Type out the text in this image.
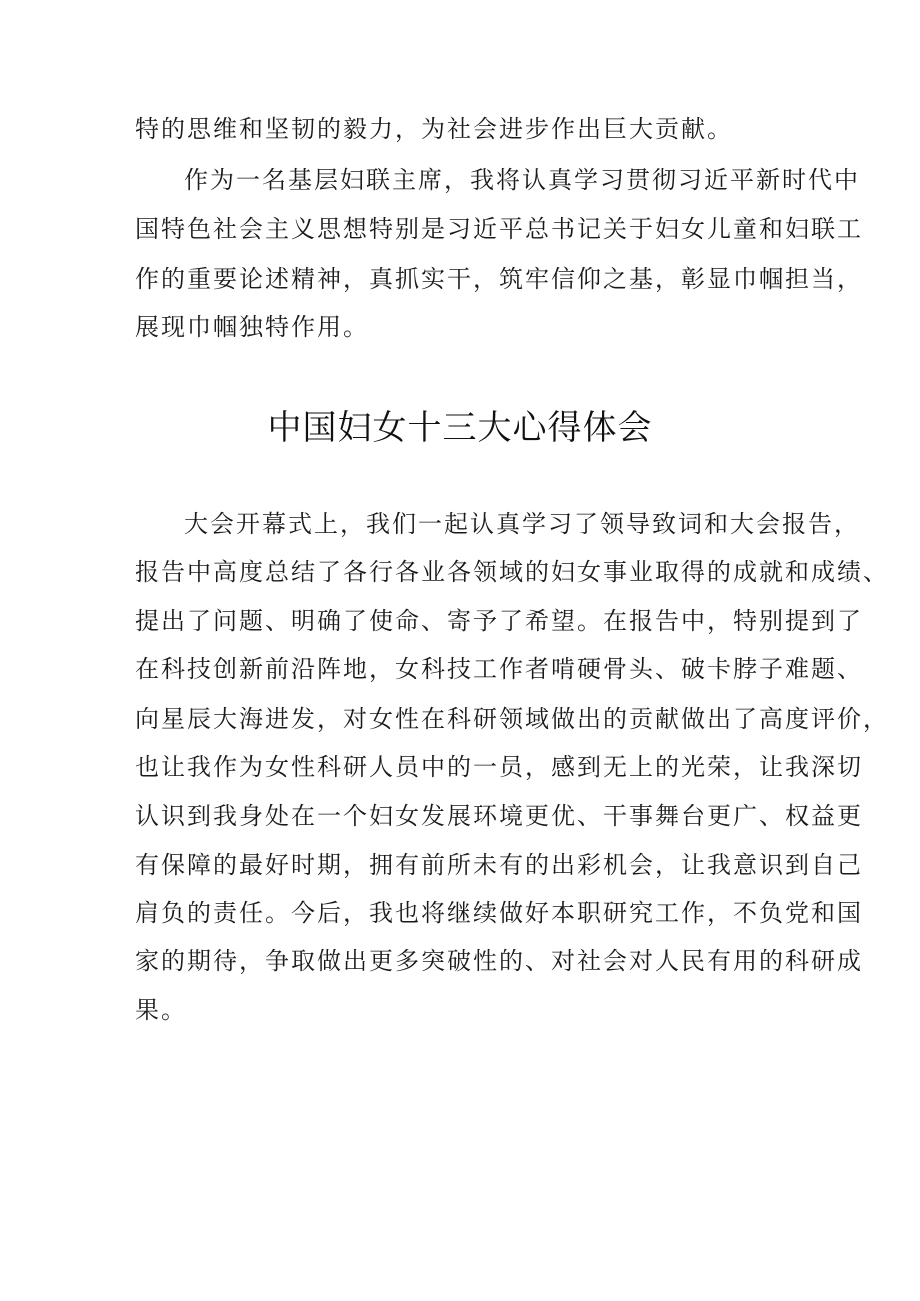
特的思维和坚韧的毅力，为社会进步作出巨大贡献。
作为一名基层妇联主席，我将认真学习贯彻习近平新时代中
国特色社会主义思想特别是习近平总书记关于妇女儿童和妇联工
作的重要论述精神，真抓实干，筑牢信仰之基，彰显巾帼担当，
展现巾帼独特作用。
中国妇女十三大心得体会
大会开幕式上，我们一起认真学习了领导致词和大会报告，
报告中高度总结了各行各业各领域的妇女事业取得的成就和成绩、
提出了问题、明确了使命、寄予了希望。在报告中，特别提到了
在科技创新前沿阵地，女科技工作者啃硬骨头、破卡脖子难题、
向星辰大海进发，对女性在科研领域做出的贡献做出了高度评价，
也让我作为女性科研人员中的一员，感到无上的光荣，让我深切
认识到我身处在一个妇女发展环境更优、干事舞台更广、权益更
有保障的最好时期，拥有前所未有的出彩机会，让我意识到自己
肩负的责任。今后，我也将继续做好本职研究工作，不负党和国
家的期待，争取做出更多突破性的、对社会对人民有用的科研成
果。
